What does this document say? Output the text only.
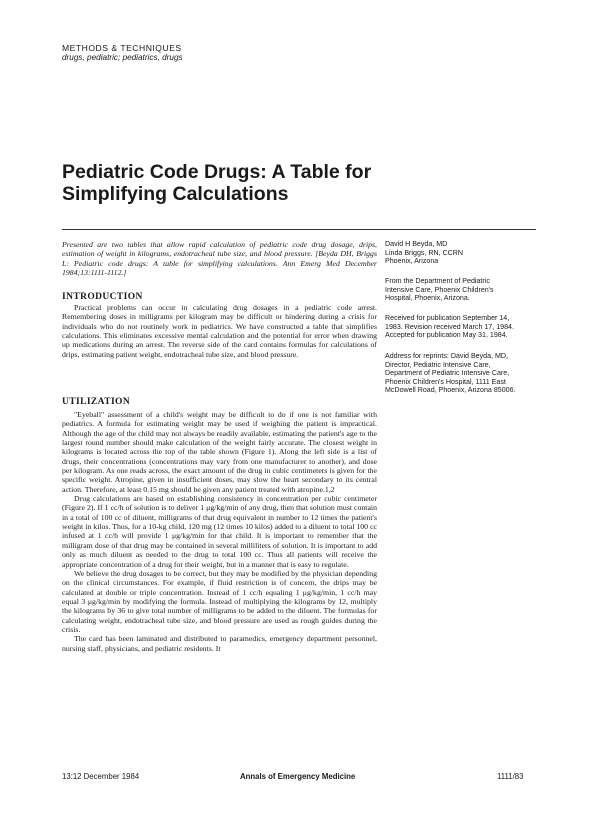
METHODS & TECHNIQUES
drugs, pediatric; pediatrics, drugs
Pediatric Code Drugs: A Table for
Simplifying Calculations
Presented are two tables that allow rapid calculation of pediatric code drug dosage, drips, estimation of weight in kilograms, endotracheal tube size, and blood pressure. [Beyda DH, Briggs L: Pediatric code drugs: A table for simplifying calculations. Ann Emerg Med December 1984;13:1111-1112.]
INTRODUCTION

Practical problems can occur in calculating drug dosages in a pediatric code arrest. Remembering doses in milligrams per kilogram may be difficult or hindering during a crisis for individuals who do not routinely work in pediatrics. We have constructed a table that simplifies calculations. This eliminates excessive mental calculation and the potential for error when drawing up medications during an arrest. The reverse side of the card contains formulas for calculations of drips, estimating patient weight, endotracheal tube size, and blood pressure.

UTILIZATION

"Eyeball" assessment of a child's weight may be difficult to do if one is not familiar with pediatrics. A formula for estimating weight may be used if weighing the patient is impractical. Although the age of the child may not always be readily available, estimating the patient's age to the largest round number should make calculation of the weight fairly accurate. The closest weight in kilograms is located across the top of the table shown (Figure 1). Along the left side is a list of drugs, their concentrations (concentrations may vary from one manufacturer to another), and dose per kilogram. As one reads across, the exact amount of the drug in cubic centimeters is given for the specific weight. Atropine, given in insufficient doses, may slow the heart secondary to its central action. Therefore, at least 0.15 mg should be given any patient treated with atropine.1,2

Drug calculations are based on establishing consistency in concentration per cubic centimeter (Figure 2). If 1 cc/h of solution is to deliver 1 μg/kg/min of any drug, then that solution must contain in a total of 100 cc of diluent, milligrams of that drug equivalent in number to 12 times the patient's weight in kilos. Thus, for a 10-kg child, 120 mg (12 times 10 kilos) added to a diluent to total 100 cc infused at 1 cc/h will provide 1 μg/kg/min for that child. It is important to remember that the milligram dose of that drug may be contained in several milliliters of solution. It is important to add only as much diluent as needed to the drug to total 100 cc. Thus all patients will receive the appropriate concentration of a drug for their weight, but in a manner that is easy to regulate.

We believe the drug dosages to be correct, but they may be modified by the physician depending on the clinical circumstances. For example, if fluid restriction is of concern, the drips may be calculated at double or triple concentration. Instead of 1 cc/h equaling 1 μg/kg/min, 1 cc/h may equal 3 μg/kg/min by modifying the formula. Instead of multiplying the kilograms by 12, multiply the kilograms by 36 to give total number of milligrams to be added to the diluent. The formulas for calculating weight, endotracheal tube size, and blood pressure are used as rough guides during the crisis.

The card has been laminated and distributed to paramedics, emergency department personnel, nursing staff, physicians, and pediatric residents. It

David H Beyda, MD
Linda Briggs, RN, CCRN
Phoenix, Arizona
From the Department of Pediatric
Intensive Care, Phoenix Children's
Hospital, Phoenix, Arizona.
Received for publication September 14,
1983. Revision received March 17, 1984.
Accepted for publication May 31, 1984.
Address for reprints: David Beyda, MD,
Director, Pediatric Intensive Care,
Department of Pediatric Intensive Care,
Phoenix Children's Hospital, 1111 East
McDowell Road, Phoenix, Arizona 85006.
13:12 December 1984	Annals of Emergency Medicine	1111/83
